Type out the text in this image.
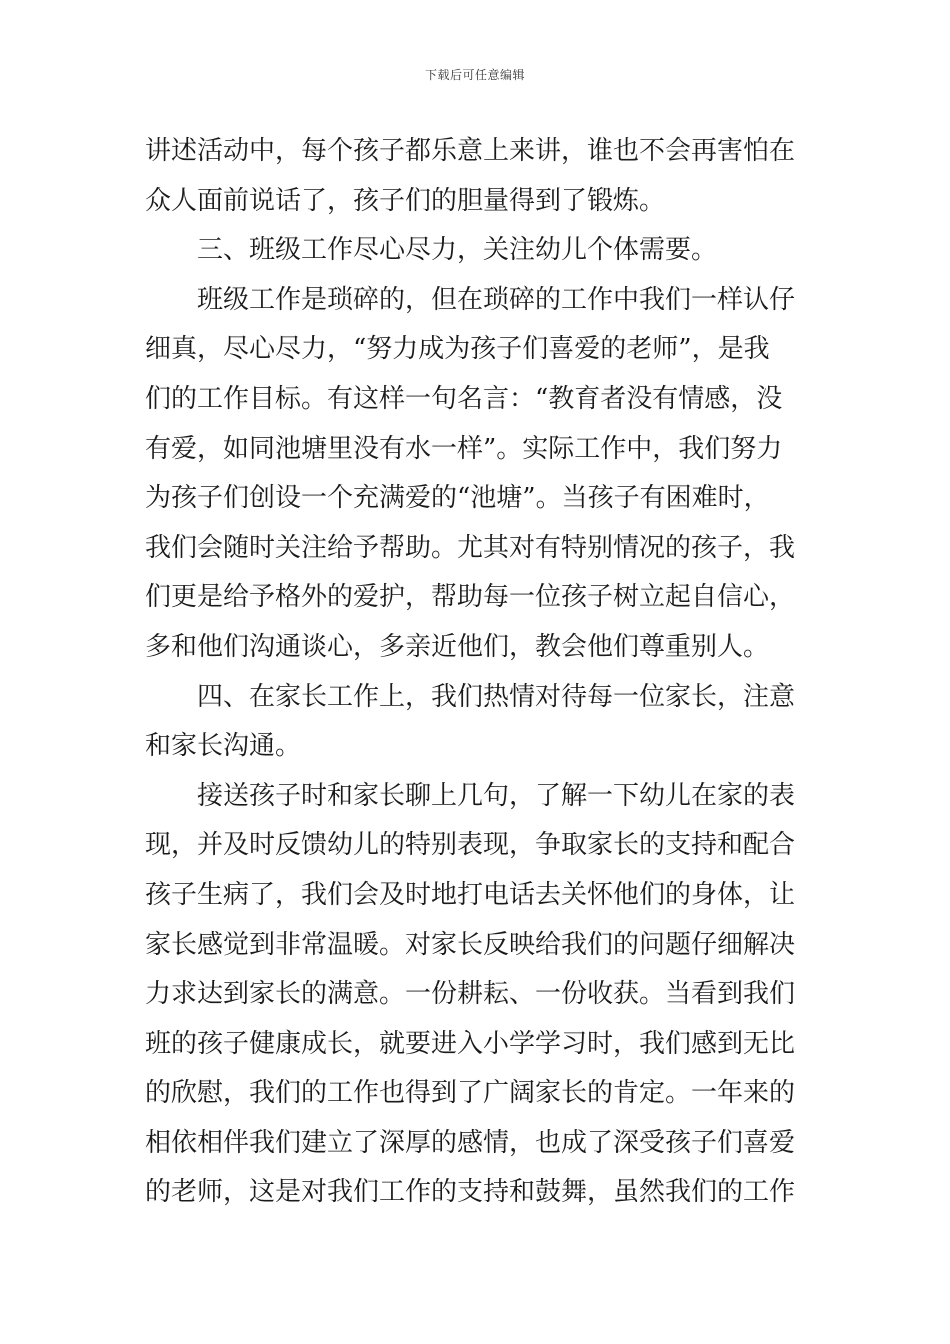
下载后可任意编辑
讲述活动中，每个孩子都乐意上来讲，谁也不会再害怕在
众人面前说话了，孩子们的胆量得到了锻炼。
三、班级工作尽心尽力，关注幼儿个体需要。
班级工作是琐碎的，但在琐碎的工作中我们一样认仔
细真，尽心尽力，“努力成为孩子们喜爱的老师”，是我
们的工作目标。有这样一句名言：“教育者没有情感，没
有爱，如同池塘里没有水一样”。实际工作中，我们努力
为孩子们创设一个充满爱的“池塘”。当孩子有困难时，
我们会随时关注给予帮助。尤其对有特别情况的孩子，我
们更是给予格外的爱护，帮助每一位孩子树立起自信心，
多和他们沟通谈心，多亲近他们，教会他们尊重别人。
四、在家长工作上，我们热情对待每一位家长，注意
和家长沟通。
接送孩子时和家长聊上几句，了解一下幼儿在家的表
现，并及时反馈幼儿的特别表现，争取家长的支持和配合
孩子生病了，我们会及时地打电话去关怀他们的身体，让
家长感觉到非常温暖。对家长反映给我们的问题仔细解决
力求达到家长的满意。一份耕耘、一份收获。当看到我们
班的孩子健康成长，就要进入小学学习时，我们感到无比
的欣慰，我们的工作也得到了广阔家长的肯定。一年来的
相依相伴我们建立了深厚的感情，也成了深受孩子们喜爱
的老师，这是对我们工作的支持和鼓舞，虽然我们的工作
